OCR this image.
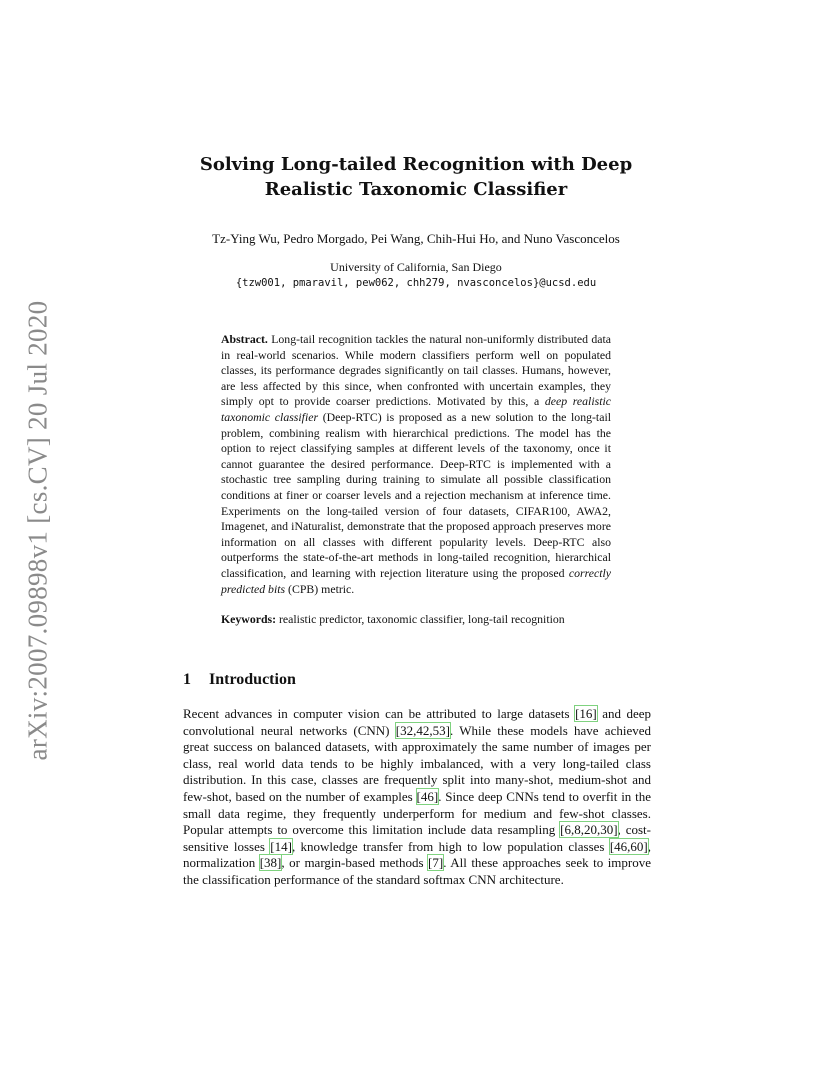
arXiv:2007.09898v1 [cs.CV] 20 Jul 2020
Solving Long-tailed Recognition with Deep
Realistic Taxonomic Classifier
Tz-Ying Wu, Pedro Morgado, Pei Wang, Chih-Hui Ho, and Nuno Vasconcelos
University of California, San Diego
{tzw001, pmaravil, pew062, chh279, nvasconcelos}@ucsd.edu
Abstract. Long-tail recognition tackles the natural non-uniformly distributed data in real-world scenarios. While modern classifiers perform well on populated classes, its performance degrades significantly on tail classes. Humans, however, are less affected by this since, when confronted with uncertain examples, they simply opt to provide coarser predictions. Motivated by this, a deep realistic taxonomic classifier (Deep-RTC) is proposed as a new solution to the long-tail problem, combining realism with hierarchical predictions. The model has the option to reject classifying samples at different levels of the taxonomy, once it cannot guarantee the desired performance. Deep-RTC is implemented with a stochastic tree sampling during training to simulate all possible classification conditions at finer or coarser levels and a rejection mechanism at inference time. Experiments on the long-tailed version of four datasets, CIFAR100, AWA2, Imagenet, and iNaturalist, demonstrate that the proposed approach preserves more information on all classes with different popularity levels. Deep-RTC also outperforms the state-of-the-art methods in long-tailed recognition, hierarchical classification, and learning with rejection literature using the proposed correctly predicted bits (CPB) metric.
Keywords: realistic predictor, taxonomic classifier, long-tail recognition
1 Introduction
Recent advances in computer vision can be attributed to large datasets [16] and deep convolutional neural networks (CNN) [32,42,53]. While these models have achieved great success on balanced datasets, with approximately the same number of images per class, real world data tends to be highly imbalanced, with a very long-tailed class distribution. In this case, classes are frequently split into many-shot, medium-shot and few-shot, based on the number of examples [46]. Since deep CNNs tend to overfit in the small data regime, they frequently underperform for medium and few-shot classes. Popular attempts to overcome this limitation include data resampling [6,8,20,30], cost-sensitive losses [14], knowledge transfer from high to low population classes [46,60], normalization [38], or margin-based methods [7]. All these approaches seek to improve the classification performance of the standard softmax CNN architecture.
